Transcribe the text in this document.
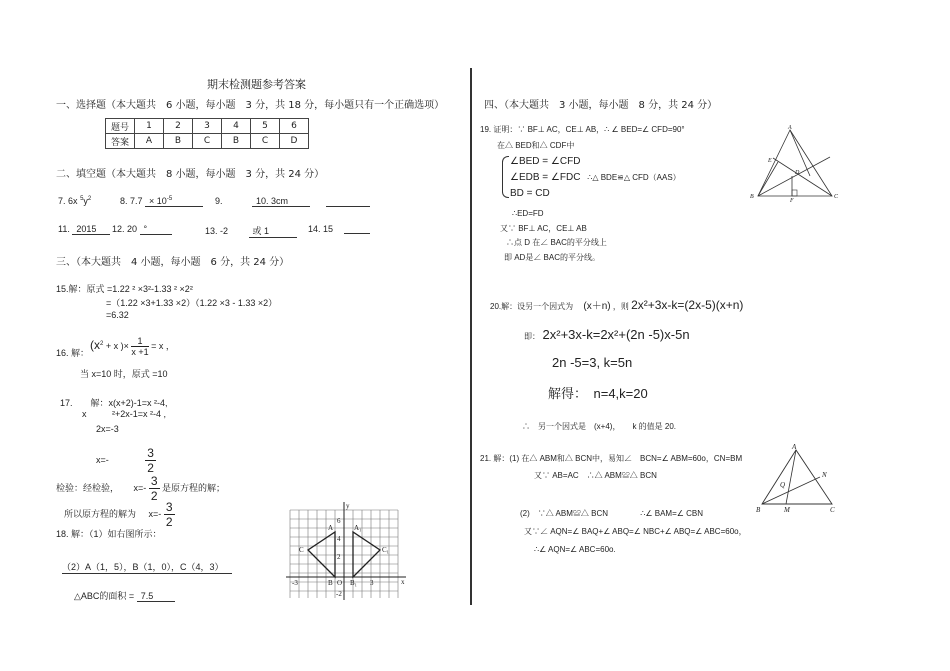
期末检测题参考答案
一、选择题（本大题共　6 小题，每小题　3 分，共 18 分，每小题只有一个正确选项）
题号	1	2	3	4	5	6
答案	A	B	C	B	C	D
二、填空题（本大题共　8 小题，每小题　3 分，共 24 分）
7. 6x $^5y^2$	8. $7.7 \times 10^{-5}$	9.	10. 3cm
11. 2015	12. 20 °	13. -2	或 1	14. 15
三、（本大题共　4 小题，每小题　6 分，共 24 分）
15.解：原式 =1.22 ² ×3²-1.33 ² ×2²
=（1.22 ×3+1.33 ×2）（1.22 ×3 - 1.33 ×2）
=6.32
16. 解：
($x^2 + x$ )× $\frac{1}{x +1} = x$ ，
当 x=10 时，原式 =10
17.　　解：x(x+2)-1=x ²-4,
x	²+2x-1=x ²-4 ,
2x=-3
x=-	$\frac{3}{2}$
检验：经检验， $x=- \frac{3}{2}$ 是原方程的解；
所以原方程的解为 $x=- \frac{3}{2}$
18. 解：（1）如右图所示：
（2）A（1，5），B（1，0），C（4，3）
△ABC的面积 = 7.5
y
x
A	A₁
C	C₁
B O B₁
6
4
2
-3	3
-2
四、（本大题共　3 小题，每小题　8 分，共 24 分）
19. 证明：∵ BF⊥ AC，CE⊥ AB，∴ ∠ BED=∠ CFD=90°
在△ BED和△ CDF中
∠BED = ∠CFD
∠EDB = ∠FDC ∴△ BDE≌△ CFD（AAS）
BD = CD
∴ED=FD
又∵ BF⊥ AC，CE⊥ AB
∴点 D 在∠ BAC的平分线上
即 AD是∠ BAC的平分线。
A
B	C
E
D
F
20.解：设另一个因式为 (x＋n) ，则 2x²+3x-k=(2x-5)(x+n)
即： 2x²+3x-k=2x²+(2n -5)x-5n
2n -5=3, k=5n
解得：　n=4,k=20
∴　另一个因式是　(x+4)，　　k 的值是 20.
21. 解：(1) 在△ ABM和△ BCN中，易知∠　BCN=∠ ABM=60o，CN=BM
又∵ AB=AC　∴△ ABM≌△ BCN
(2)　∵△ ABM≌△ BCN	∴∠ BAM=∠ CBN
又∵∠ AQN=∠ BAQ+∠ ABQ=∠ NBC+∠ ABQ=∠ ABC=60o，
∴∠ AQN=∠ ABC=60o.
A
B	C
M
N
Q
